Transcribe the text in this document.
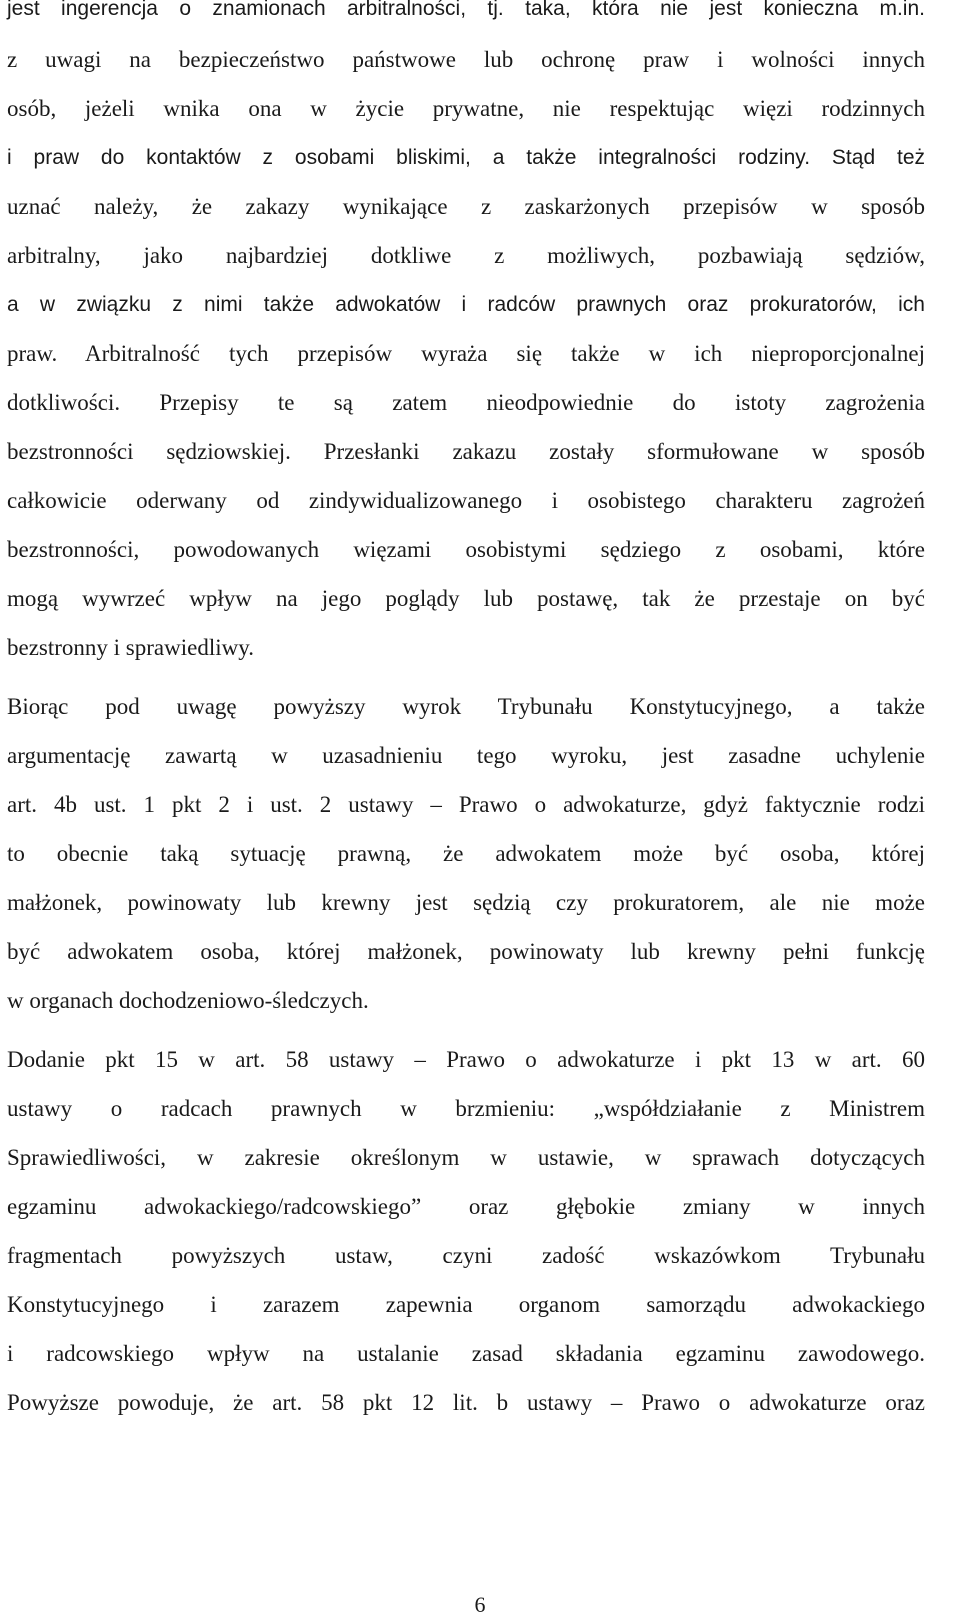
jest ingerencja o znamionach arbitralności, tj. taka, która nie jest konieczna m.in.
z uwagi na bezpieczeństwo państwowe lub ochronę praw i wolności innych
osób, jeżeli wnika ona w życie prywatne, nie respektując więzi rodzinnych
i praw do kontaktów z osobami bliskimi, a także integralności rodziny. Stąd też
uznać należy, że zakazy wynikające z zaskarżonych przepisów w sposób
arbitralny, jako najbardziej dotkliwe z możliwych, pozbawiają sędziów,
a w związku z nimi także adwokatów i radców prawnych oraz prokuratorów, ich
praw. Arbitralność tych przepisów wyraża się także w ich nieproporcjonalnej
dotkliwości. Przepisy te są zatem nieodpowiednie do istoty zagrożenia
bezstronności sędziowskiej. Przesłanki zakazu zostały sformułowane w sposób
całkowicie oderwany od zindywidualizowanego i osobistego charakteru zagrożeń
bezstronności, powodowanych więzami osobistymi sędziego z osobami, które
mogą wywrzeć wpływ na jego poglądy lub postawę, tak że przestaje on być
bezstronny i sprawiedliwy.
Biorąc pod uwagę powyższy wyrok Trybunału Konstytucyjnego, a także
argumentację zawartą w uzasadnieniu tego wyroku, jest zasadne uchylenie
art. 4b ust. 1 pkt 2 i ust. 2 ustawy – Prawo o adwokaturze, gdyż faktycznie rodzi
to obecnie taką sytuację prawną, że adwokatem może być osoba, której
małżonek, powinowaty lub krewny jest sędzią czy prokuratorem, ale nie może
być adwokatem osoba, której małżonek, powinowaty lub krewny pełni funkcję
w organach dochodzeniowo-śledczych.
Dodanie pkt 15 w art. 58 ustawy – Prawo o adwokaturze i pkt 13 w art. 60
ustawy o radcach prawnych w brzmieniu: „współdziałanie z Ministrem
Sprawiedliwości, w zakresie określonym w ustawie, w sprawach dotyczących
egzaminu adwokackiego/radcowskiego” oraz głębokie zmiany w innych
fragmentach powyższych ustaw, czyni zadość wskazówkom Trybunału
Konstytucyjnego i zarazem zapewnia organom samorządu adwokackiego
i radcowskiego wpływ na ustalanie zasad składania egzaminu zawodowego.
Powyższe powoduje, że art. 58 pkt 12 lit. b ustawy – Prawo o adwokaturze oraz
6
